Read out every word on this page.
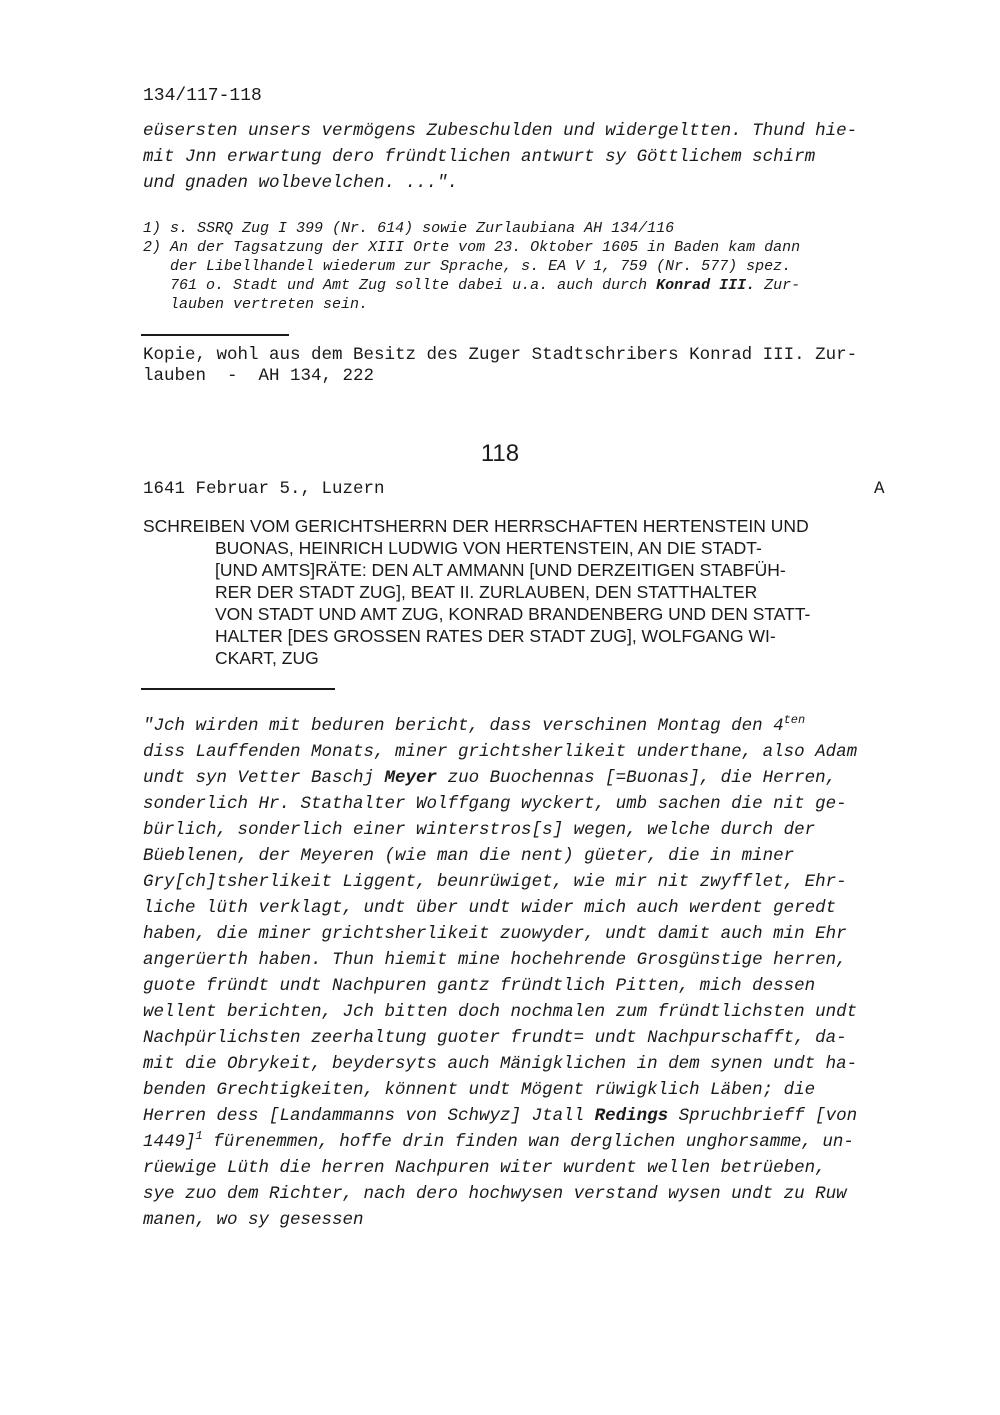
134/117-118
eüsersten unsers vermögens Zubeschulden und widergeltten. Thund hie-
mit Jnn erwartung dero fründtlichen antwurt sy Göttlichem schirm
und gnaden wolbevelchen. ...".
1) s. SSRQ Zug I 399 (Nr. 614) sowie Zurlaubiana AH 134/116
2) An der Tagsatzung der XIII Orte vom 23. Oktober 1605 in Baden kam dann
der Libellhandel wiederum zur Sprache, s. EA V 1, 759 (Nr. 577) spez.
761 o. Stadt und Amt Zug sollte dabei u.a. auch durch Konrad III. Zur-
lauben vertreten sein.
Kopie, wohl aus dem Besitz des Zuger Stadtschribers Konrad III. Zur-
lauben  -  AH 134, 222
118
1641 Februar 5., Luzern	A
SCHREIBEN VOM GERICHTSHERRN DER HERRSCHAFTEN HERTENSTEIN UND
BUONAS, HEINRICH LUDWIG VON HERTENSTEIN, AN DIE STADT-
[UND AMTS]RÄTE: DEN ALT AMMANN [UND DERZEITIGEN STABFÜH-
RER DER STADT ZUG], BEAT II. ZURLAUBEN, DEN STATTHALTER
VON STADT UND AMT ZUG, KONRAD BRANDENBERG UND DEN STATT-
HALTER [DES GROSSEN RATES DER STADT ZUG], WOLFGANG WI-
CKART, ZUG
"Jch wirden mit beduren bericht, dass verschinen Montag den $4^{ten}$
diss Lauffenden Monats, miner grichtsherlikeit underthane, also Adam
undt syn Vetter Baschj Meyer zuo Buochennas [=Buonas], die Herren,
sonderlich Hr. Stathalter Wolffgang wyckert, umb sachen die nit ge-
bürlich, sonderlich einer winterstros[s] wegen, welche durch der
Büeblenen, der Meyeren (wie man die nent) güeter, die in miner
Gry[ch]tsherlikeit Liggent, beunrüwiget, wie mir nit zwyfflet, Ehr-
liche lüth verklagt, undt über undt wider mich auch werdent geredt
haben, die miner grichtsherlikeit zuowyder, undt damit auch min Ehr
angerüerth haben. Thun hiemit mine hochehrende Grosgünstige herren,
guote fründt undt Nachpuren gantz fründtlich Pitten, mich dessen
wellent berichten, Jch bitten doch nochmalen zum fründtlichsten undt
Nachpürlichsten zeerhaltung guoter frundt= undt Nachpurschafft, da-
mit die Obrykeit, beydersyts auch Mänigklichen in dem synen undt ha-
benden Grechtigkeiten, könnent undt Mögent rüwigklich Läben; die
Herren dess [Landammanns von Schwyz] Jtall Redings Spruchbrieff [von
1449]$^1$ fürenemmen, hoffe drin finden wan derglichen unghorsamme, un-
rüewige Lüth die herren Nachpuren witer wurdent wellen betrüeben,
sye zuo dem Richter, nach dero hochwysen verstand wysen undt zu Ruw
manen, wo sy gesessen
